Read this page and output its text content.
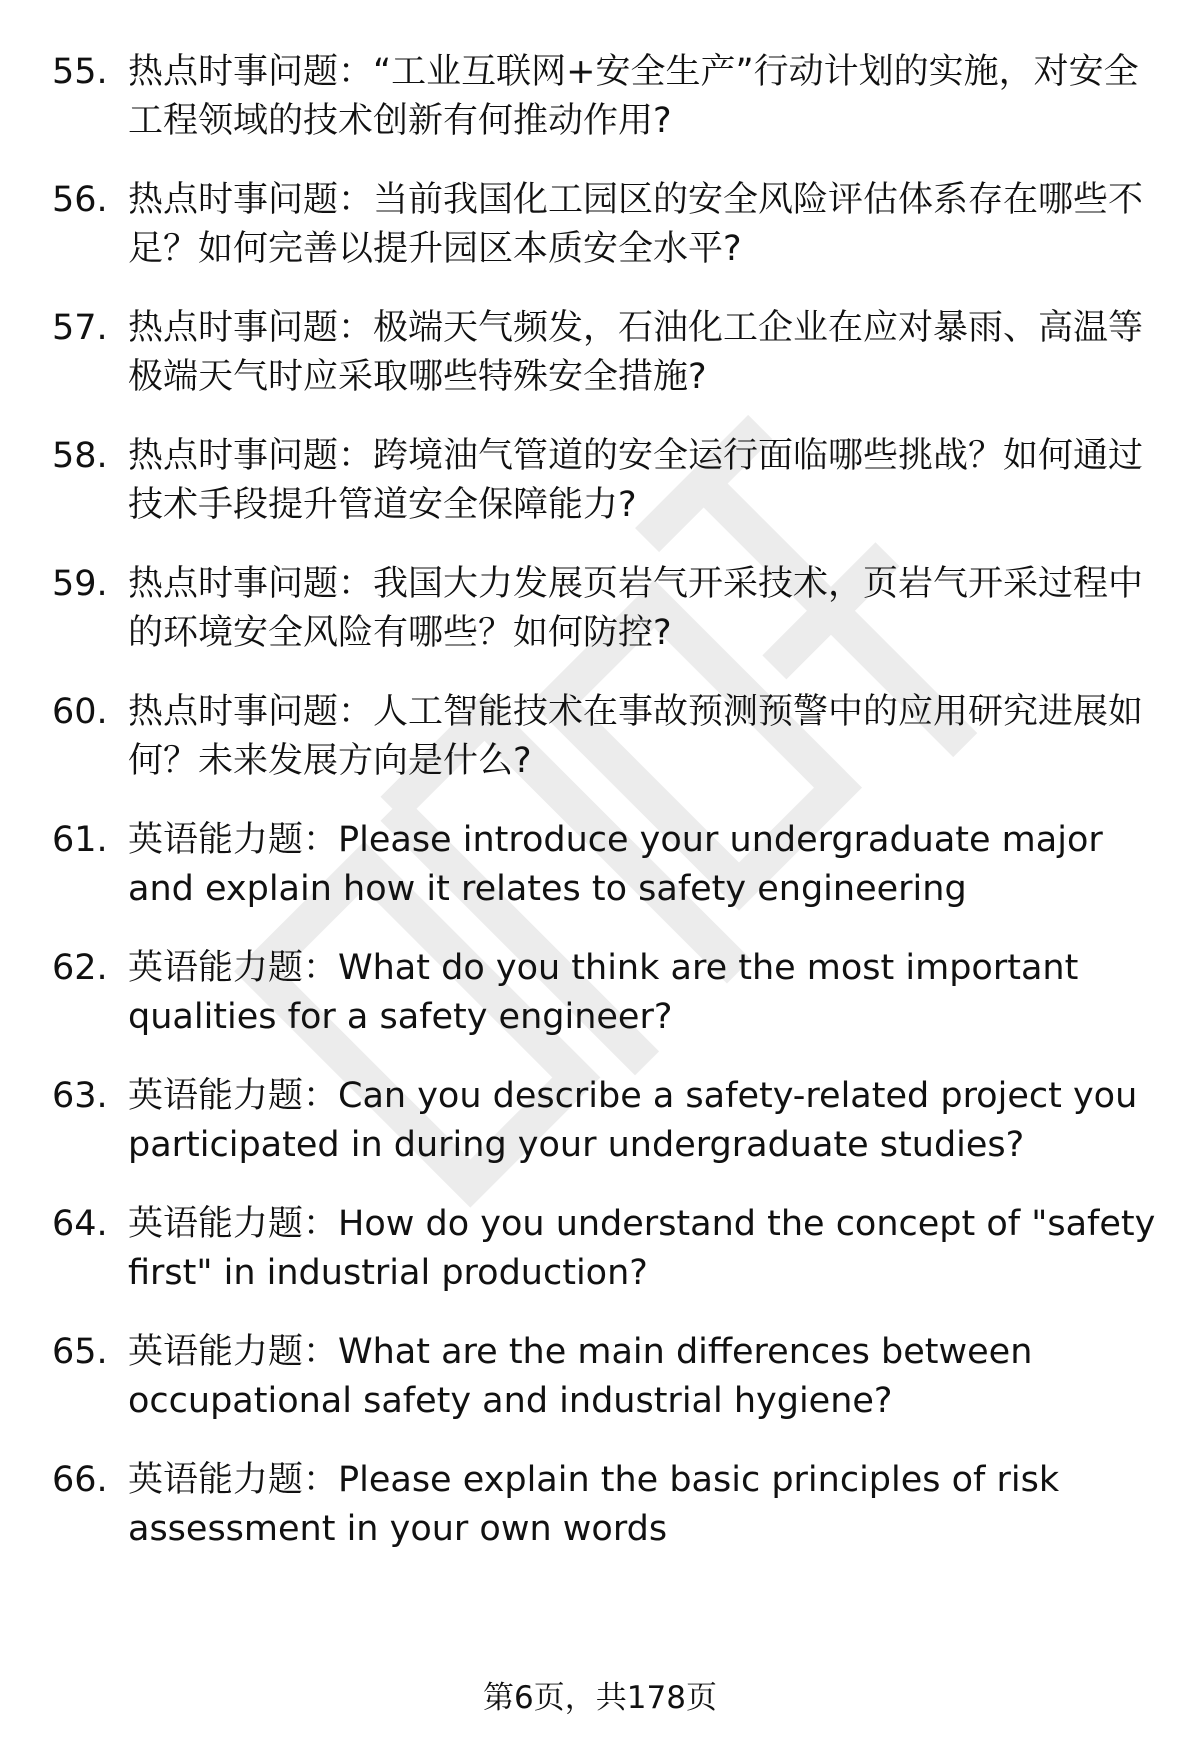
55. 热点时事问题：“工业互联网+安全生产”行动计划的实施，对安全工程领域的技术创新有何推动作用?
56. 热点时事问题：当前我国化工园区的安全风险评估体系存在哪些不足？如何完善以提升园区本质安全水平?
57. 热点时事问题：极端天气频发，石油化工企业在应对暴雨、高温等极端天气时应采取哪些特殊安全措施?
58. 热点时事问题：跨境油气管道的安全运行面临哪些挑战？如何通过技术手段提升管道安全保障能力?
59. 热点时事问题：我国大力发展页岩气开采技术，页岩气开采过程中的环境安全风险有哪些？如何防控?
60. 热点时事问题：人工智能技术在事故预测预警中的应用研究进展如何？未来发展方向是什么?
61. 英语能力题：Please introduce your undergraduate major and explain how it relates to safety engineering
62. 英语能力题：What do you think are the most important qualities for a safety engineer?
63. 英语能力题：Can you describe a safety-related project you participated in during your undergraduate studies?
64. 英语能力题：How do you understand the concept of "safety first" in industrial production?
65. 英语能力题：What are the main differences between occupational safety and industrial hygiene?
66. 英语能力题：Please explain the basic principles of risk assessment in your own words
第6页，共178页
